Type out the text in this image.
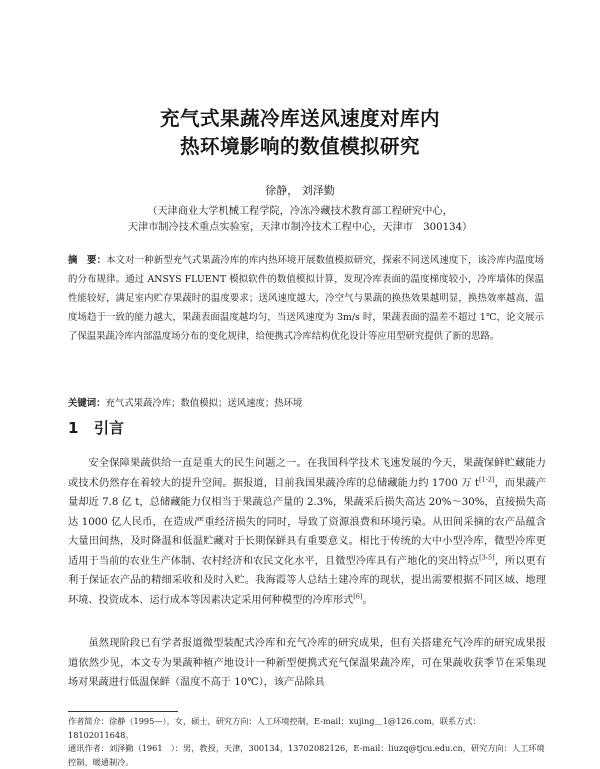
充气式果蔬冷库送风速度对库内
热环境影响的数值模拟研究
徐静， 刘泽勤
（天津商业大学机械工程学院，冷冻冷藏技术教育部工程研究中心，
天津市制冷技术重点实验室，天津市制冷技术工程中心，天津市　300134）
摘　要：本文对一种新型充气式果蔬冷库的库内热环境开展数值模拟研究，探索不同送风速度下，该冷库内温度场的分布规律。通过 ANSYS FLUENT 模拟软件的数值模拟计算，发现冷库表面的温度梯度较小，冷库墙体的保温性能较好，满足室内贮存果蔬时的温度要求；送风速度越大，冷空气与果蔬的换热效果越明显，换热效率越高，温度场趋于一致的能力越大，果蔬表面温度越均匀，当送风速度为 3m/s 时，果蔬表面的温差不超过 1℃，论文展示了保温果蔬冷库内部温度场分布的变化规律，给便携式冷库结构优化设计等应用型研究提供了新的思路。
关键词：充气式果蔬冷库；数值模拟；送风速度；热环境
1 引言

安全保障果蔬供给一直是重大的民生问题之一。在我国科学技术飞速发展的今天，果蔬保鲜贮藏能力或技术仍然存在着较大的提升空间。据报道，目前我国果蔬冷库的总储藏能力约 1700 万 t[1-2]，而果蔬产量却近 7.8 亿 t，总储藏能力仅相当于果蔬总产量的 2.3%，果蔬采后损失高达 20%～30%，直接损失高达 1000 亿人民币，在造成严重经济损失的同时，导致了资源浪费和环境污染。从田间采摘的农产品蕴含大量田间热，及时降温和低温贮藏对于长期保鲜具有重要意义。相比于传统的大中小型冷库，微型冷库更适用于当前的农业生产体制、农村经济和农民文化水平，且微型冷库具有产地化的突出特点[3-5]，所以更有利于保证农产品的精细采收和及时入贮。我海霞等人总结土建冷库的现状，提出需要根据不同区域、地理环境、投资成本、运行成本等因素决定采用何种模型的冷库形式[6]。

虽然现阶段已有学者报道微型装配式冷库和充气冷库的研究成果，但有关搭建充气冷库的研究成果报道依然少见，本文专为果蔬种植产地设计一种新型便携式充气保温果蔬冷库，可在果蔬收获季节在采集现场对果蔬进行低温保鲜（温度不高于 10℃），该产品除具

作者简介：徐静（1995—），女，硕士，研究方向：人工环境控制，E-mail：xujing＿1@126.com，联系方式：18102011648。
通讯作者：刘泽勤（1961　）：男，教授，天津，300134，13702082126，E-mail：liuzq@tjcu.edu.cn，研究方向：人工环境控制、暖通制冷。
